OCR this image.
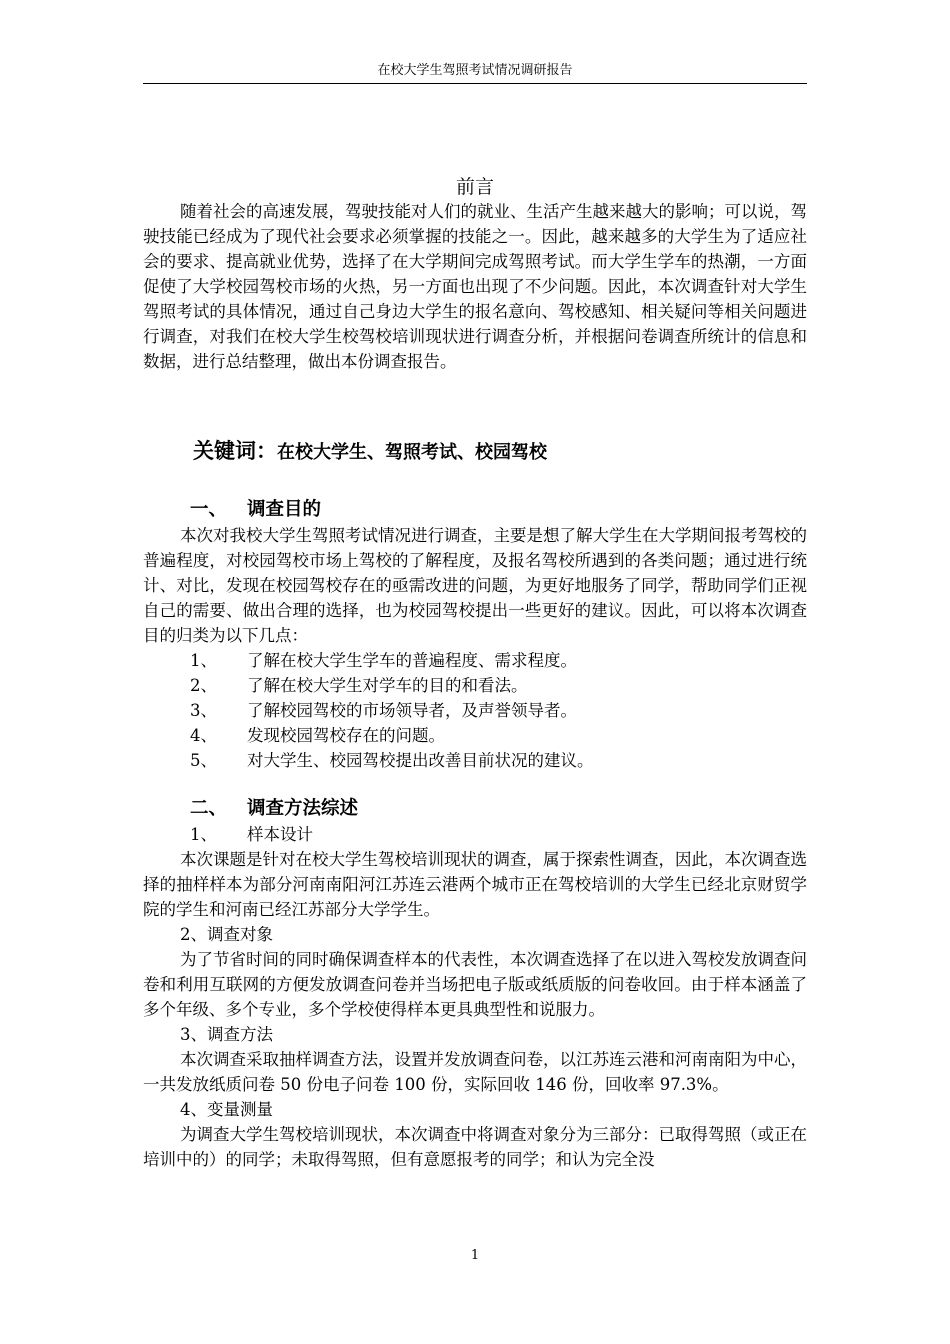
在校大学生驾照考试情况调研报告
前言

随着社会的高速发展，驾驶技能对人们的就业、生活产生越来越大的影响；可以说，驾驶技能已经成为了现代社会要求必须掌握的技能之一。因此，越来越多的大学生为了适应社会的要求、提高就业优势，选择了在大学期间完成驾照考试。而大学生学车的热潮，一方面促使了大学校园驾校市场的火热，另一方面也出现了不少问题。因此，本次调查针对大学生驾照考试的具体情况，通过自己身边大学生的报名意向、驾校感知、相关疑问等相关问题进行调查，对我们在校大学生校驾校培训现状进行调查分析，并根据问卷调查所统计的信息和数据，进行总结整理，做出本份调查报告。

关键词：在校大学生、驾照考试、校园驾校
一、 调查目的

本次对我校大学生驾照考试情况进行调查，主要是想了解大学生在大学期间报考驾校的普遍程度，对校园驾校市场上驾校的了解程度，及报名驾校所遇到的各类问题；通过进行统计、对比，发现在校园驾校存在的亟需改进的问题，为更好地服务了同学，帮助同学们正视自己的需要、做出合理的选择，也为校园驾校提出一些更好的建议。因此，可以将本次调查目的归类为以下几点：

1、 了解在校大学生学车的普遍程度、需求程度。
2、 了解在校大学生对学车的目的和看法。
3、 了解校园驾校的市场领导者，及声誉领导者。
4、 发现校园驾校存在的问题。
5、 对大学生、校园驾校提出改善目前状况的建议。
二、 调查方法综述
1、 样本设计

本次课题是针对在校大学生驾校培训现状的调查，属于探索性调查，因此，本次调查选择的抽样样本为部分河南南阳河江苏连云港两个城市正在驾校培训的大学生已经北京财贸学院的学生和河南已经江苏部分大学学生。

2、调查对象

为了节省时间的同时确保调查样本的代表性，本次调查选择了在以进入驾校发放调查问卷和利用互联网的方便发放调查问卷并当场把电子版或纸质版的问卷收回。由于样本涵盖了多个年级、多个专业，多个学校使得样本更具典型性和说服力。

3、调查方法

本次调查采取抽样调查方法，设置并发放调查问卷，以江苏连云港和河南南阳为中心，一共发放纸质问卷 50 份电子问卷 100 份，实际回收 146 份，回收率 97.3%。

4、变量测量

为调查大学生驾校培训现状，本次调查中将调查对象分为三部分：已取得驾照（或正在培训中的）的同学；未取得驾照，但有意愿报考的同学；和认为完全没

1
